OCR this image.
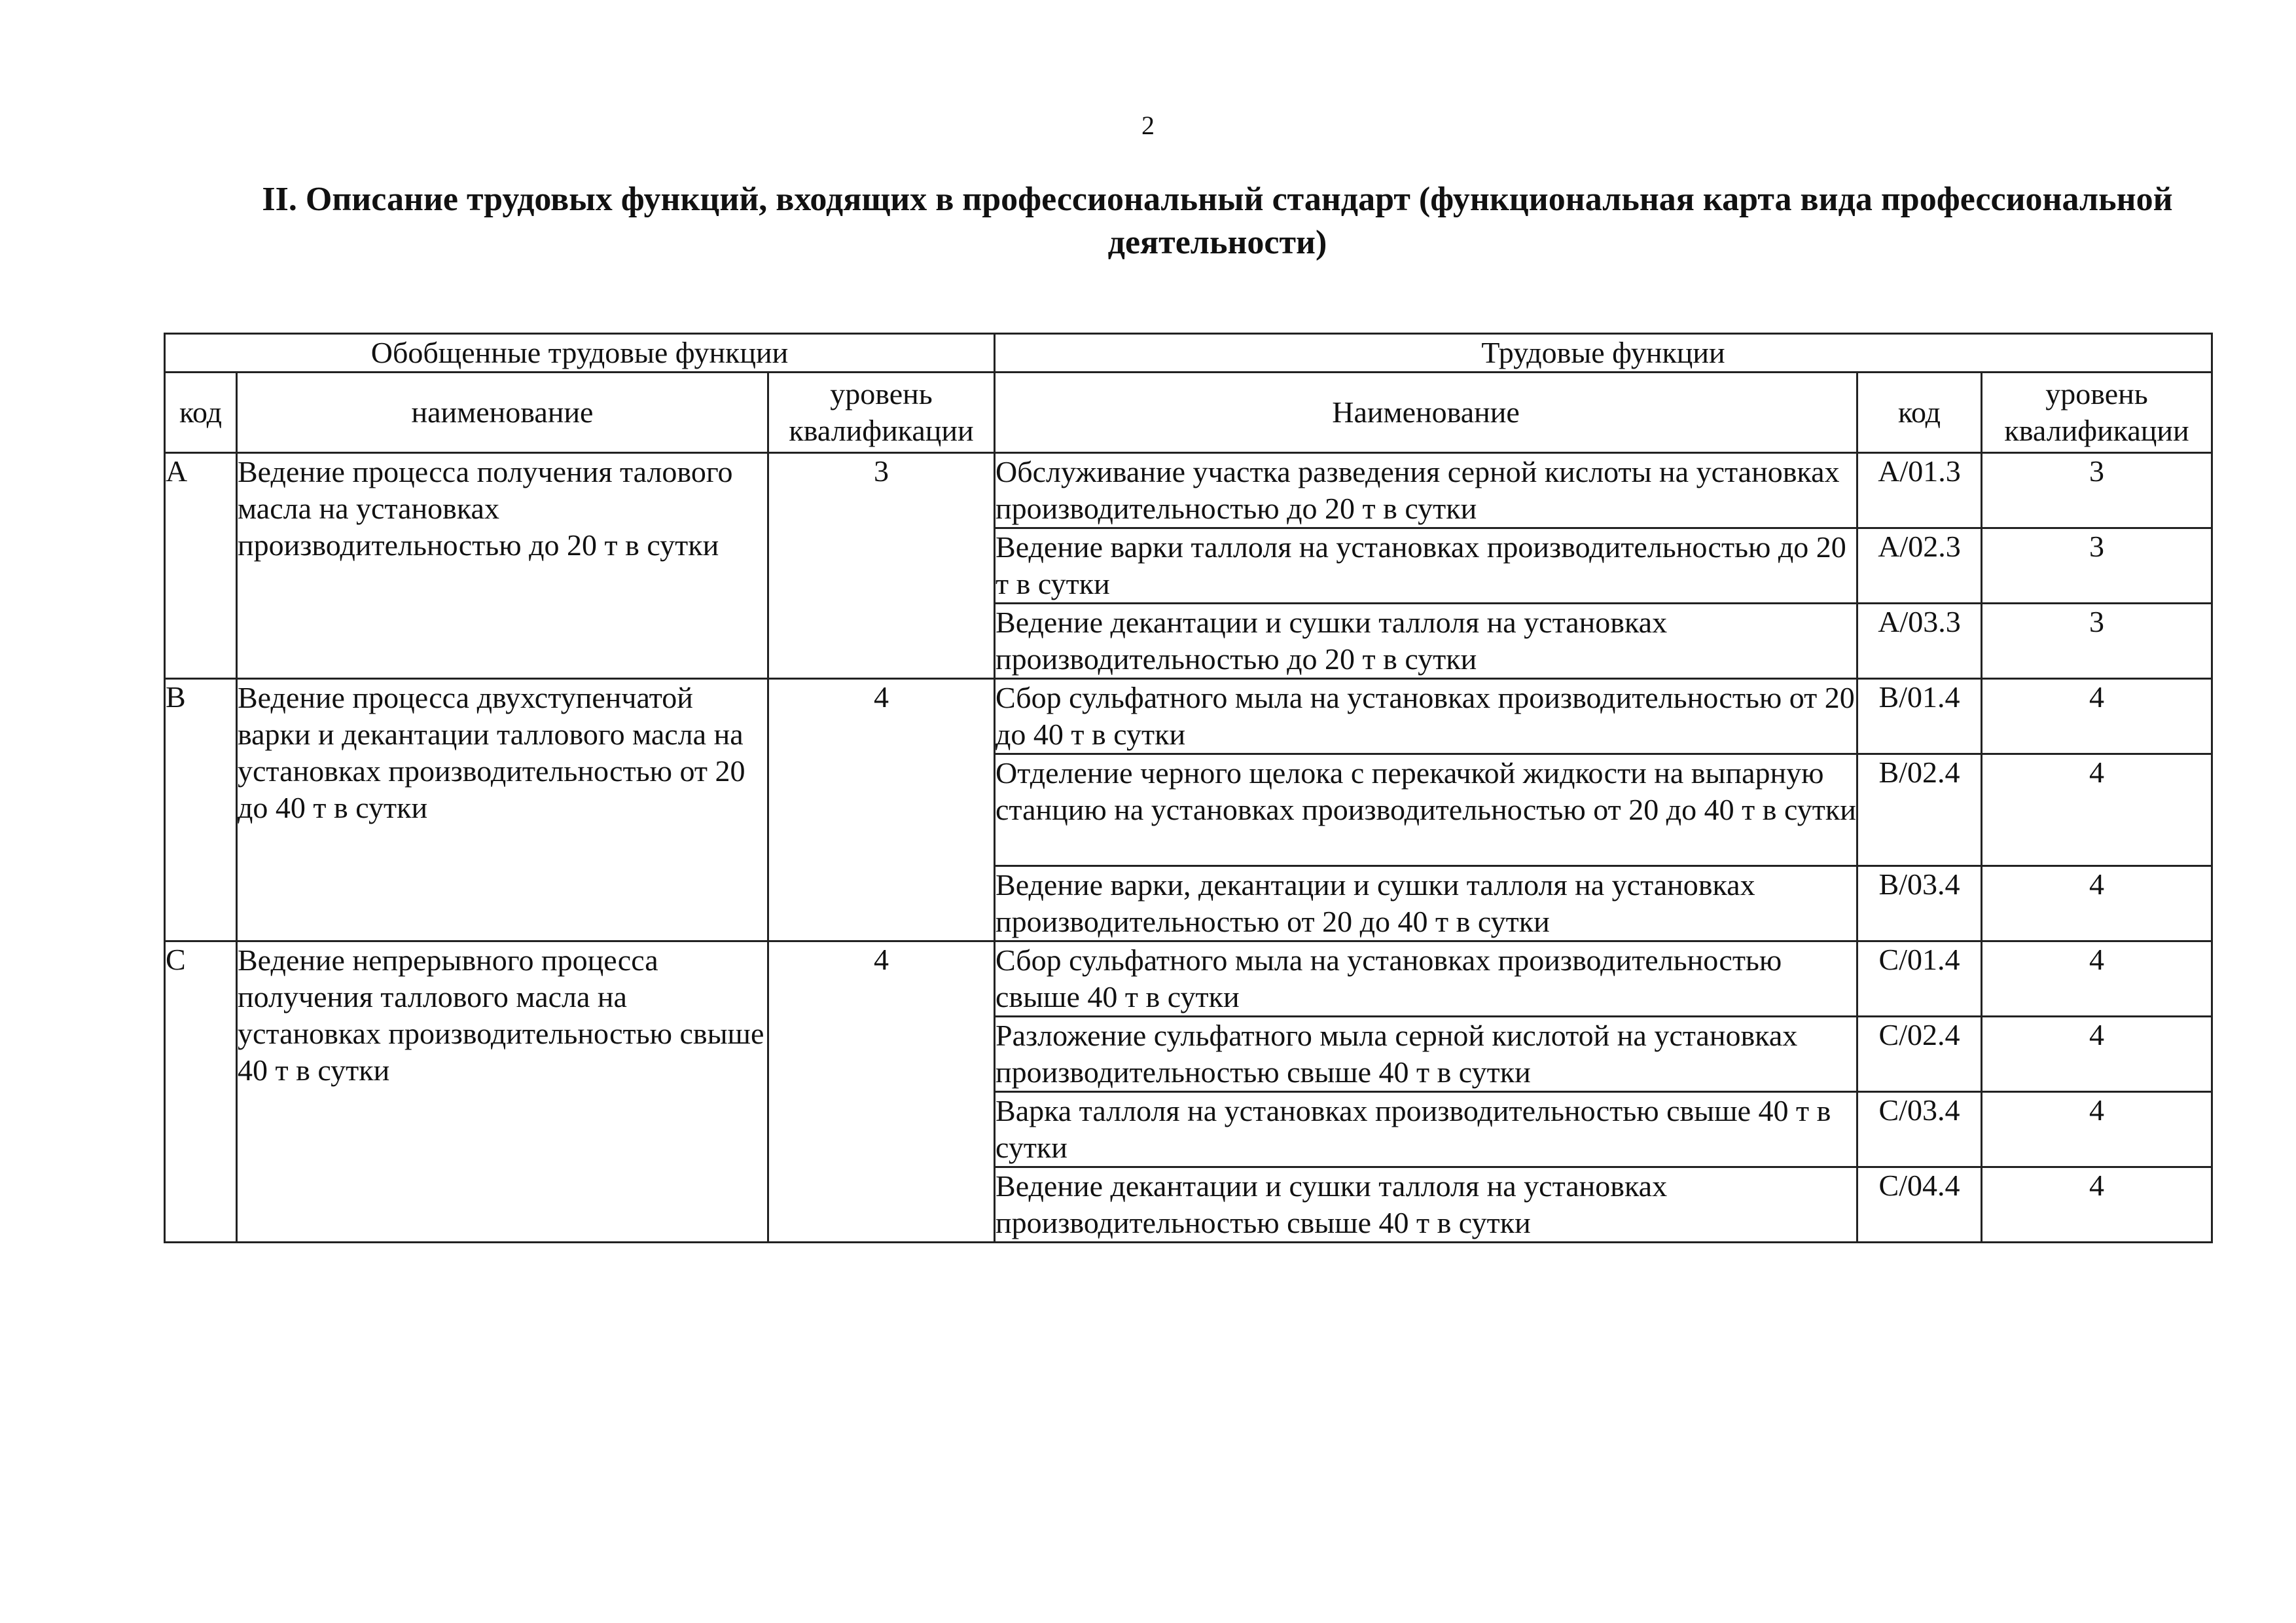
2
II. Описание трудовых функций, входящих в профессиональный стандарт (функциональная карта вида профессиональной деятельности)
Обобщенные трудовые функции			Трудовые функции		
код	наименование	уровень квалификации	Наименование	код	уровень квалификации
A	Ведение процесса получения талового масла на установках производительностью до 20 т в сутки	3	Обслуживание участка разведения серной кислоты на установках производительностью до 20 т в сутки	A/01.3	3
			Ведение варки таллоля на установках производительностью до 20 т в сутки	A/02.3	3
			Ведение декантации и сушки таллоля на установках производительностью до 20 т в сутки	A/03.3	3
B	Ведение процесса двухступенчатой варки и декантации таллового масла на установках производительностью от 20 до 40 т в сутки	4	Сбор сульфатного мыла на установках производительностью от 20 до 40 т в сутки	B/01.4	4
			Отделение черного щелока с перекачкой жидкости на выпарную станцию на установках производительностью от 20 до 40 т в сутки	B/02.4	4
			Ведение варки, декантации и сушки таллоля на установках производительностью от 20 до 40 т в сутки	B/03.4	4
C	Ведение непрерывного процесса получения таллового масла на установках производительностью свыше 40 т в сутки	4	Сбор сульфатного мыла на установках производительностью свыше 40 т в сутки	C/01.4	4
			Разложение сульфатного мыла серной кислотой на установках производительностью свыше 40 т в сутки	C/02.4	4
			Варка таллоля на установках производительностью свыше 40 т в сутки	C/03.4	4
			Ведение декантации и сушки таллоля на установках производительностью свыше 40 т в сутки	C/04.4	4
